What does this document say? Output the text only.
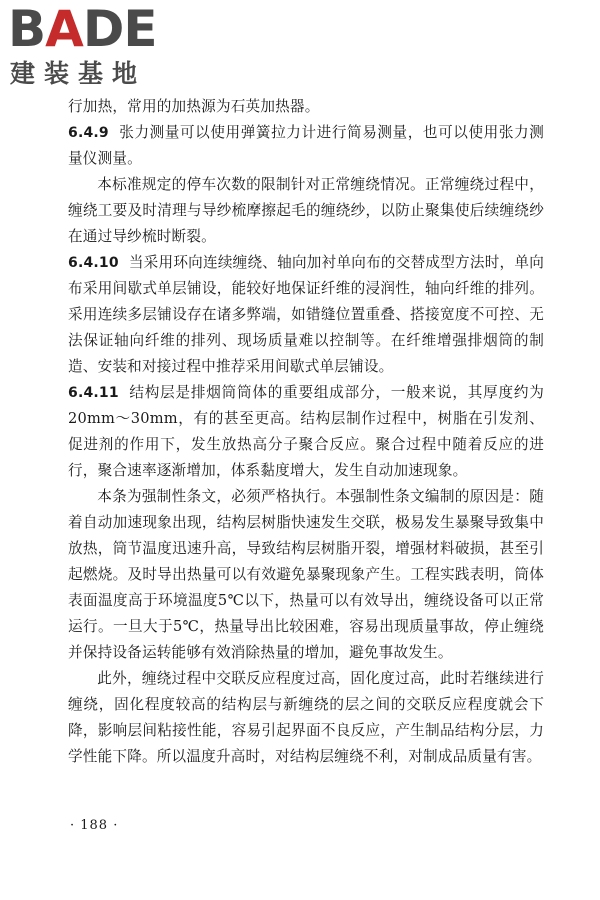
BADE
建装基地

行加热，常用的加热源为石英加热器。

6.4.9 张力测量可以使用弹簧拉力计进行简易测量，也可以使用张力测量仪测量。

本标准规定的停车次数的限制针对正常缠绕情况。正常缠绕过程中，缠绕工要及时清理与导纱梳摩擦起毛的缠绕纱，以防止聚集使后续缠绕纱在通过导纱梳时断裂。

6.4.10 当采用环向连续缠绕、轴向加衬单向布的交替成型方法时，单向布采用间歇式单层铺设，能较好地保证纤维的浸润性，轴向纤维的排列。采用连续多层铺设存在诸多弊端，如错缝位置重叠、搭接宽度不可控、无法保证轴向纤维的排列、现场质量难以控制等。在纤维增强排烟筒的制造、安装和对接过程中推荐采用间歇式单层铺设。

6.4.11 结构层是排烟筒筒体的重要组成部分，一般来说，其厚度约为20mm～30mm，有的甚至更高。结构层制作过程中，树脂在引发剂、促进剂的作用下，发生放热高分子聚合反应。聚合过程中随着反应的进行，聚合速率逐渐增加，体系黏度增大，发生自动加速现象。

本条为强制性条文，必须严格执行。本强制性条文编制的原因是：随着自动加速现象出现，结构层树脂快速发生交联，极易发生暴聚导致集中放热，筒节温度迅速升高，导致结构层树脂开裂，增强材料破损，甚至引起燃烧。及时导出热量可以有效避免暴聚现象产生。工程实践表明，筒体表面温度高于环境温度5℃以下，热量可以有效导出，缠绕设备可以正常运行。一旦大于5℃，热量导出比较困难，容易出现质量事故，停止缠绕并保持设备运转能够有效消除热量的增加，避免事故发生。

此外，缠绕过程中交联反应程度过高，固化度过高，此时若继续进行缠绕，固化程度较高的结构层与新缠绕的层之间的交联反应程度就会下降，影响层间粘接性能，容易引起界面不良反应，产生制品结构分层，力学性能下降。所以温度升高时，对结构层缠绕不利，对制成品质量有害。

· 188 ·
